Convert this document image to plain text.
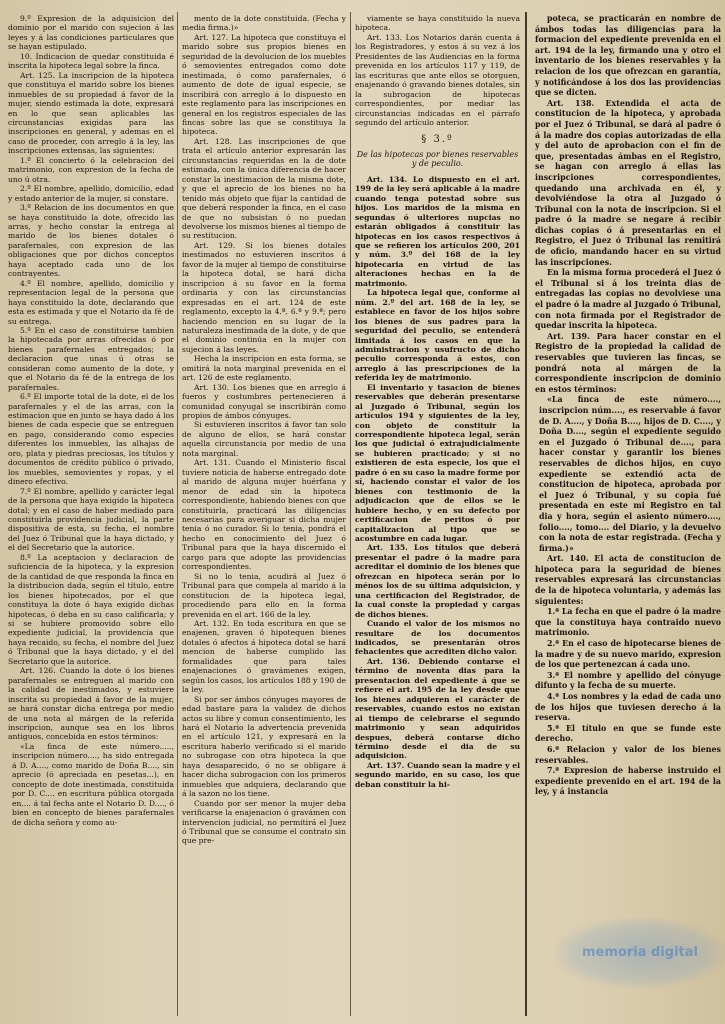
9.º Expresion de la adquisicion del dominio por el marido con sujecion á las leyes y á las condiciones particulares que se hayan estipulado.

10. Indicacion de quedar constituida é inscrita la hipoteca legal sobre la finca.

Art. 125. La inscripcion de la hipoteca que constituya el marido sobre los bienes inmuebles de su propiedad á favor de la mujer, siendo estimada la dote, expresará en lo que sean aplicables las circunstancias exigidas para las inscripciones en general, y ademas en el caso de proceder, con arreglo á la ley, las inscripciones extensas, las siguientes:

1.º El concierto ó la celebracion del matrimonio, con expresion de la fecha de uno ú otra.

2.º El nombre, apellido, domicilio, edad y estado anterior de la mujer, si constare.

3.º Relacion de los documentos en que se haya constituido la dote, ofrecido las arras, y hecho constar la entrega al marido de los bienes dotales ó parafernales, con expresion de las obligaciones que por dichos conceptos haya aceptado cada uno de los contrayentes.

4.º El nombre, apellido, domicilio y representacion legal de la persona que haya constituido la dote, declarando que esta es estimada y que el Notario da fé de su entrega.

5.º En el caso de constituirse tambien la hipotecada por arras ofrecidas ó por bienes parafernales entregados; la declaracion que unas ú otras se consideran como aumento de la dote, y que el Notario da fé de la entrega de los parafernales.

6.º El importe total de la dote, el de los parafernales y el de las arras, con la estimacion que en junto se haya dado á los bienes de cada especie que se entreguen en pago, considerando como especies diferentes los inmuebles, las alhajas de oro, plata y piedras preciosas, los títulos y documentos de crédito público ó privado, los muebles, semovientes y ropas, y el dinero efectivo.

7.º El nombre, apellido y carácter legal de la persona que haya exigido la hipoteca dotal; y en el caso de haber mediado para constituirla providencia judicial, la parte dispositiva de esta, su fecha, el nombre del Juez ó Tribunal que la haya dictado, y el del Secretario que la autorice.

8.º La aceptacion y declaracion de suficiencia de la hipoteca, y la expresion de la cantidad de que responda la finca en la distribucion dada, según el título, entre los bienes hipotecados, por el que constituya la dote ó haya exigido dichas hipotecas, ó deba en su caso calificarla; y si se hubiere promovido sobre ello expediente judicial, la providencia que haya recaido, su fecha, el nombre del Juez ó Tribunal que la haya dictado, y el del Secretario que la autorice.

Art. 126. Cuando la dote ó los bienes parafernales se entreguen al marido con la calidad de inestimados, y estuviere inscrita su propiedad á favor de la mujer, se hará constar dicha entrega por medio de una nota al márgen de la referida inscripcion, aunque sea en los libros antiguos, concebida en estos términos:

«La finca de este número....., inscripcion número...., ha sido entregada á D. A...., como marido de Doña B...., sin aprecio (ó apreciada en pesetas...), en concepto de dote inestimada, constituida por D. C.... en escritura pública otorgada en.... á tal fecha ante el Notario D. D...., ó bien en concepto de bienes parafernales de dicha señora y como au-

mento de la dote constituida. (Fecha y media firma.)»

Art. 127. La hipoteca que constituya el marido sobre sus propios bienes en seguridad de la devolucion de los muebles ó semovientes entregados como dote inestimada, ó como parafernales, ó aumento de dote de igual especie, se inscribirá con arreglo á lo dispuesto en este reglamento para las inscripciones en general en los registros especiales de las fincas sobre las que se constituya la hipoteca.

Art. 128. Las inscripciones de que trata el artículo anterior expresarán las circunstancias requeridas en la de dote estimada, con la única diferencia de hacer constar la inestimacion de la misma dote, y que el aprecio de los bienes no ha tenido más objeto que fijar la cantidad de que deberá responder la finca, en el caso de que no subsistan ó no puedan devolverse los mismos bienes al tiempo de su restitucion.

Art. 129. Si los bienes dotales inestimados no estuvieren inscritos á favor de la mujer al tiempo de constituirse la hipoteca dotal, se hará dicha inscripcion á su favor en la forma ordinaria y con las circunstancias expresadas en el art. 124 de este reglamento, excepto la 4.ª, 6.ª y 9.ª; pero haciendo mencion en su lugar de la naturaleza inestimada de la dote, y de que el dominio continúa en la mujer con sujecion á las leyes.

Hecha la inscripcion en esta forma, se omitirá la nota marginal prevenida en el art. 126 de este reglamento.

Art. 130. Los bienes que en arreglo á fueros y costumbres pertenecieren á comunidad conyugal se inscribirán como propios de ámbos cónyuges.

Si estuvieren inscritos á favor tan solo de alguno de ellos, se hará constar aquella circunstancia por medio de una nota marginal.

Art. 131. Cuando el Ministerio fiscal tuviere noticia de haberse entregado dote al marido de alguna mujer huérfana y menor de edad sin la hipoteca correspondiente, habiendo bienes con que constituirla, practicará las diligencias necesarias para averiguar si dicha mujer tenia ó no curador. Si lo tenia, pondrá el hecho en conocimiento del Juez ó Tribunal para que la haya discernido el cargo para que adopte las providencias correspondientes.

Si no lo tenia, acudirá al Juez ó Tribunal para que compela al marido á la constitucion de la hipoteca legal, procediendo para ello en la forma prevenida en el art. 166 de la ley.

Art. 132. En toda escritura en que se enajenen, graven ó hipotequen bienes dotales ó afectos á hipoteca dotal se hará mencion de haberse cumplido las formalidades que para tales enajenaciones ó gravámenes exigen, según los casos, los artículos 188 y 190 de la ley.

Si por ser ámbos cónyuges mayores de edad bastare para la validez de dichos actos su libre y comun consentimiento, les hará el Notario la advertencia prevenida en el artículo 121, y expresará en la escritura haberlo verificado si el marido no subrogase con otra hipoteca la que haya desaparecido, ó no se obligare á hacer dicha subrogacion con los primeros inmuebles que adquiera, declarando que á la sazon no los tiene.

Cuando por ser menor la mujer deba verificarse la enajenacion ó gravámen con intervencion judicial, no permitirá el Juez ó Tribunal que se consume el contrato sin que pre-

viamente se haya constituido la nueva hipoteca.

Art. 133. Los Notarios darán cuenta á los Registradores, y estos á su vez á los Presidentes de las Audiencias en la forma prevenida en los artículos 117 y 119, de las escrituras que ante ellos se otorguen, enajenando ó gravando bienes dotales, sin la subrogacion de hipotecas correspondientes, por mediar las circunstancias indicadas en el párrafo segundo del artículo anterior.

§ 3.º

De las hipotecas por bienes reservables y de peculio.

Art. 134. Lo dispuesto en el art. 199 de la ley será aplicable á la madre cuando tenga potestad sobre sus hijos. Los maridos de la misma en segundas ó ulteriores nupcias no estarán obligados á constituir las hipotecas en los casos respectivos á que se refieren los artículos 200, 201 y núm. 3.º del 168 de la ley hipotecaria en virtud de las alteraciones hechas en la de matrimonio.

La hipoteca legal que, conforme al núm. 2.º del art. 168 de la ley, se establece en favor de los hijos sobre los bienes de sus padres para la seguridad del peculio, se entenderá limitada á los casos en que la administracion y usufructo de dicho peculio corresponda á estos, con arreglo á las prescripciones de la referida ley de matrimonio.

El inventario y tasacion de bienes reservables que deberán presentarse al Juzgado ó Tribunal, según los artículos 194 y siguientes de la ley, con objeto de constituir la correspondiente hipoteca legal, serán los que judicial ó extrajudicialmente se hubieren practicado; y si no existieren de esta especie, los que el padre ó en su caso la madre forme por sí, haciendo constar el valor de los bienes con testimonio de la adjudicacion que de ellos se le hubiere hecho, y en su defecto por certificacion de peritos ó por capitalizacion al tipo que se acostumbre en cada lugar.

Art. 135. Los títulos que deberá presentar el padre ó la madre para acreditar el dominio de los bienes que ofrezcan en hipoteca serán por lo ménos los de su última adquisicion, y una certificacion del Registrador, de la cual conste la propiedad y cargas de dichos bienes.

Cuando el valor de los mismos no resultare de los documentos indicados, se presentarán otros fehacientes que acrediten dicho valor.

Art. 136. Debiendo contarse el término de noventa dias para la presentacion del expediente á que se refiere el art. 195 de la ley desde que los bienes adquieren el carácter de reservables, cuando estos no existan al tiempo de celebrarse el segundo matrimonio y sean adquiridos despues, deberá contarse dicho término desde el dia de su adquisicion.

Art. 137. Cuando sean la madre y el segundo marido, en su caso, los que deban constituir la hi-

poteca, se practicarán en nombre de ámbos todas las diligencias para la formacion del expediente prevenida en el art. 194 de la ley, firmando una y otro el inventario de los bienes reservables y la relacion de los que ofrezcan en garantía, y notificándose á los dos las providencias que se dicten.

Art. 138. Extendida el acta de constitucion de la hipoteca, y aprobada por el Juez ó Tribunal, se dará al padre ó á la madre dos copias autorizadas de ella y del auto de aprobacion con el fin de que, presentadas ámbas en el Registro, se hagan con arreglo á ellas las inscripciones correspondientes, quedando una archivada en él, y devolviéndose la otra al Juzgado ó Tribunal con la nota de inscripcion. Si el padre ó la madre se negare á recibir dichas copias ó á presentarlas en el Registro, el Juez ó Tribunal las remitirá de oficio, mandando hacer en su virtud las inscripciones.

En la misma forma procederá el Juez ó el Tribunal si á los treinta dias de entregadas las copias no devolviese una el padre ó la madre al Juzgado ó Tribunal, con nota firmada por el Registrador de quedar inscrita la hipoteca.

Art. 139. Para hacer constar en el Registro de la propiedad la calidad de reservables que tuvieren las fincas, se pondrá nota al márgen de la correspondiente inscripcion de dominio en estos términos:

«La finca de este número...., inscripcion núm...., es reservable á favor de D. A...., y Doña B...., hijos de D. C...., y Doña D...., según el expediente seguido en el Juzgado ó Tribunal de...., para hacer constar y garantir los bienes reservables de dichos hijos, en cuyo expediente se extendió acta de constitucion de hipoteca, aprobada por el Juez ó Tribunal, y su copia fué presentada en este mi Registro en tal dia y hora, según el asiento número...., folio...., tomo.... del Diario, y la devuelvo con la nota de estar registrada. (Fecha y firma.)»

Art. 140. El acta de constitucion de hipoteca para la seguridad de bienes reservables expresará las circunstancias de la de hipoteca voluntaria, y además las siguientes:

1.ª La fecha en que el padre ó la madre que la constituya haya contraido nuevo matrimonio.

2.ª En el caso de hipotecarse bienes de la madre y de su nuevo marido, expresion de los que pertenezcan á cada uno.

3.ª El nombre y apellido del cónyuge difunto y la fecha de su muerte.

4.ª Los nombres y la edad de cada uno de los hijos que tuviesen derecho á la reserva.

5.ª El título en que se funde este derecho.

6.ª Relacion y valor de los bienes reservables.

7.ª Expresion de haberse instruido el expediente prevenido en el art. 194 de la ley, y á instancia

memoria digital
